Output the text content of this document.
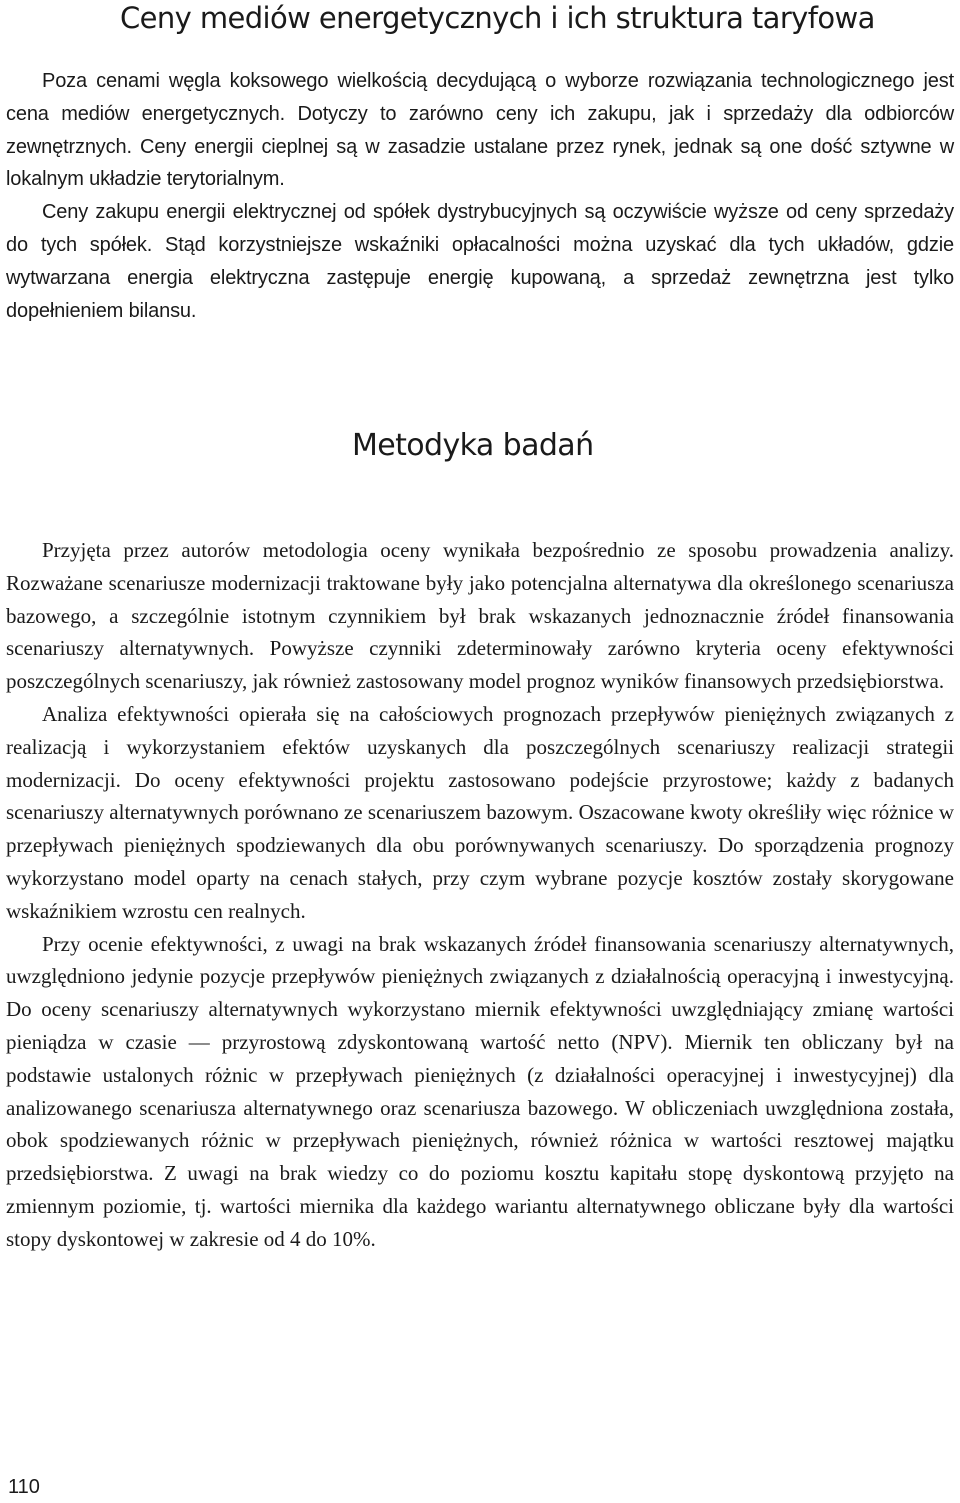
Ceny mediów energetycznych i ich struktura taryfowa

Poza cenami węgla koksowego wielkością decydującą o wyborze rozwiązania technologicznego jest cena mediów energetycznych. Dotyczy to zarówno ceny ich zakupu, jak i sprzedaży dla odbiorców zewnętrznych. Ceny energii cieplnej są w zasadzie ustalane przez rynek, jednak są one dość sztywne w lokalnym układzie terytorialnym.

Ceny zakupu energii elektrycznej od spółek dystrybucyjnych są oczywiście wyższe od ceny sprzedaży do tych spółek. Stąd korzystniejsze wskaźniki opłacalności można uzyskać dla tych układów, gdzie wytwarzana energia elektryczna zastępuje energię kupowaną, a sprzedaż zewnętrzna jest tylko dopełnieniem bilansu.

Metodyka badań

Przyjęta przez autorów metodologia oceny wynikała bezpośrednio ze sposobu prowadzenia analizy. Rozważane scenariusze modernizacji traktowane były jako potencjalna alternatywa dla określonego scenariusza bazowego, a szczególnie istotnym czynnikiem był brak wskazanych jednoznacznie źródeł finansowania scenariuszy alternatywnych. Powyższe czynniki zdeterminowały zarówno kryteria oceny efektywności poszczególnych scenariuszy, jak również zastosowany model prognoz wyników finansowych przedsiębiorstwa.

Analiza efektywności opierała się na całościowych prognozach przepływów pieniężnych związanych z realizacją i wykorzystaniem efektów uzyskanych dla poszczególnych scenariuszy realizacji strategii modernizacji. Do oceny efektywności projektu zastosowano podejście przyrostowe; każdy z badanych scenariuszy alternatywnych porównano ze scenariuszem bazowym. Oszacowane kwoty określiły więc różnice w przepływach pieniężnych spodziewanych dla obu porównywanych scenariuszy. Do sporządzenia prognozy wykorzystano model oparty na cenach stałych, przy czym wybrane pozycje kosztów zostały skorygowane wskaźnikiem wzrostu cen realnych.

Przy ocenie efektywności, z uwagi na brak wskazanych źródeł finansowania scenariuszy alternatywnych, uwzględniono jedynie pozycje przepływów pieniężnych związanych z działalnością operacyjną i inwestycyjną. Do oceny scenariuszy alternatywnych wykorzystano miernik efektywności uwzględniający zmianę wartości pieniądza w czasie — przyrostową zdyskontowaną wartość netto (NPV). Miernik ten obliczany był na podstawie ustalonych różnic w przepływach pieniężnych (z działalności operacyjnej i inwestycyjnej) dla analizowanego scenariusza alternatywnego oraz scenariusza bazowego. W obliczeniach uwzględniona została, obok spodziewanych różnic w przepływach pieniężnych, również różnica w wartości resztowej majątku przedsiębiorstwa. Z uwagi na brak wiedzy co do poziomu kosztu kapitału stopę dyskontową przyjęto na zmiennym poziomie, tj. wartości miernika dla każdego wariantu alternatywnego obliczane były dla wartości stopy dyskontowej w zakresie od 4 do 10%.

110
